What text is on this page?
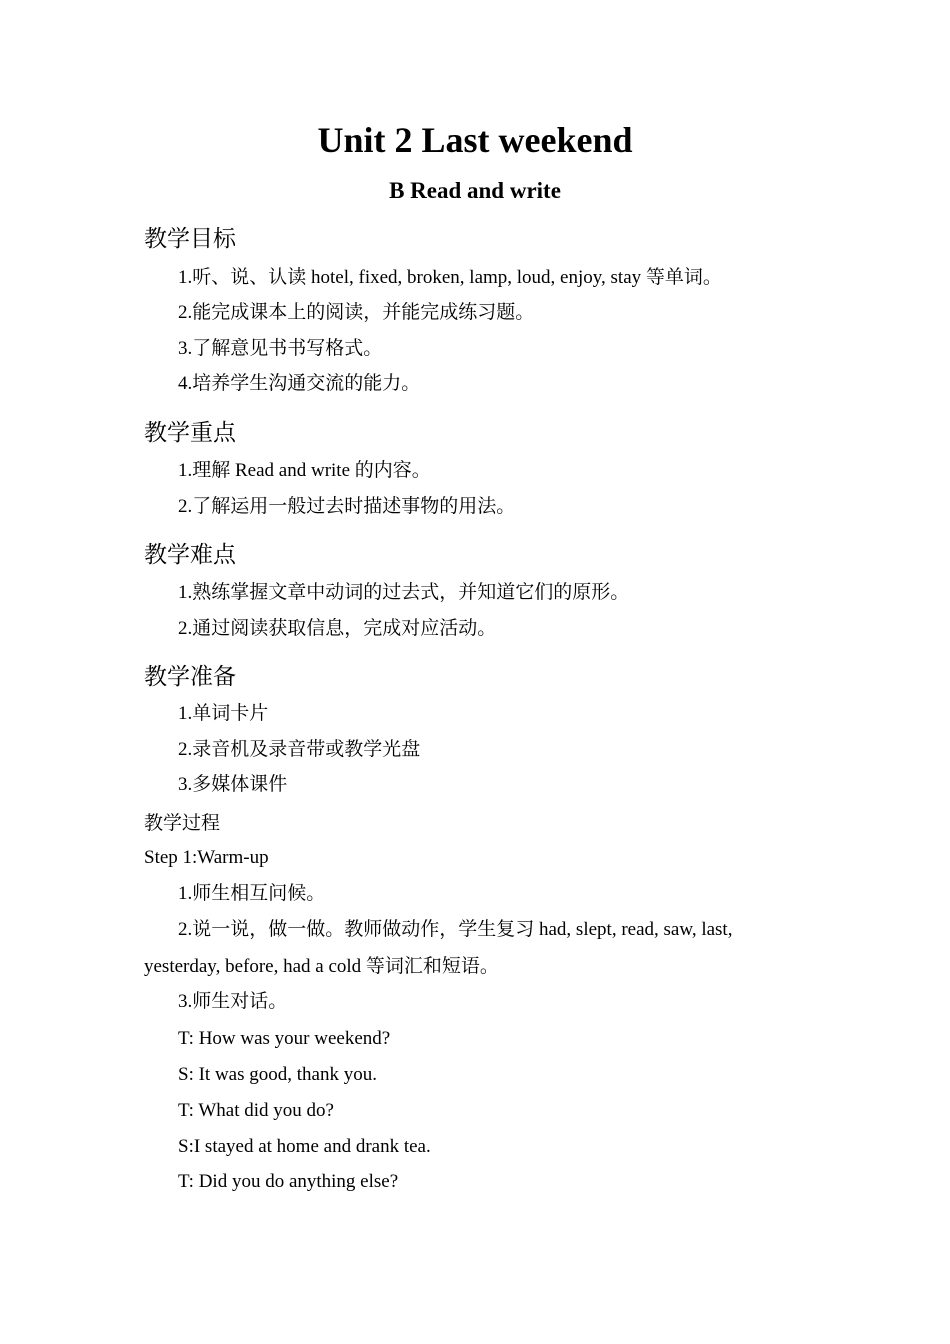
Unit 2 Last weekend
B Read and write
教学目标

1.听、说、认读 hotel, fixed, broken, lamp, loud, enjoy, stay 等单词。

2.能完成课本上的阅读，并能完成练习题。

3.了解意见书书写格式。

4.培养学生沟通交流的能力。

教学重点

1.理解 Read and write 的内容。

2.了解运用一般过去时描述事物的用法。

教学难点

1.熟练掌握文章中动词的过去式，并知道它们的原形。

2.通过阅读获取信息，完成对应活动。

教学准备

1.单词卡片

2.录音机及录音带或教学光盘

3.多媒体课件

教学过程

Step 1:Warm-up

1.师生相互问候。

2.说一说，做一做。教师做动作，学生复习 had, slept, read, saw, last,

yesterday, before, had a cold 等词汇和短语。

3.师生对话。

T: How was your weekend?

S: It was good, thank you.

T: What did you do?

S:I stayed at home and drank tea.

T: Did you do anything else?
